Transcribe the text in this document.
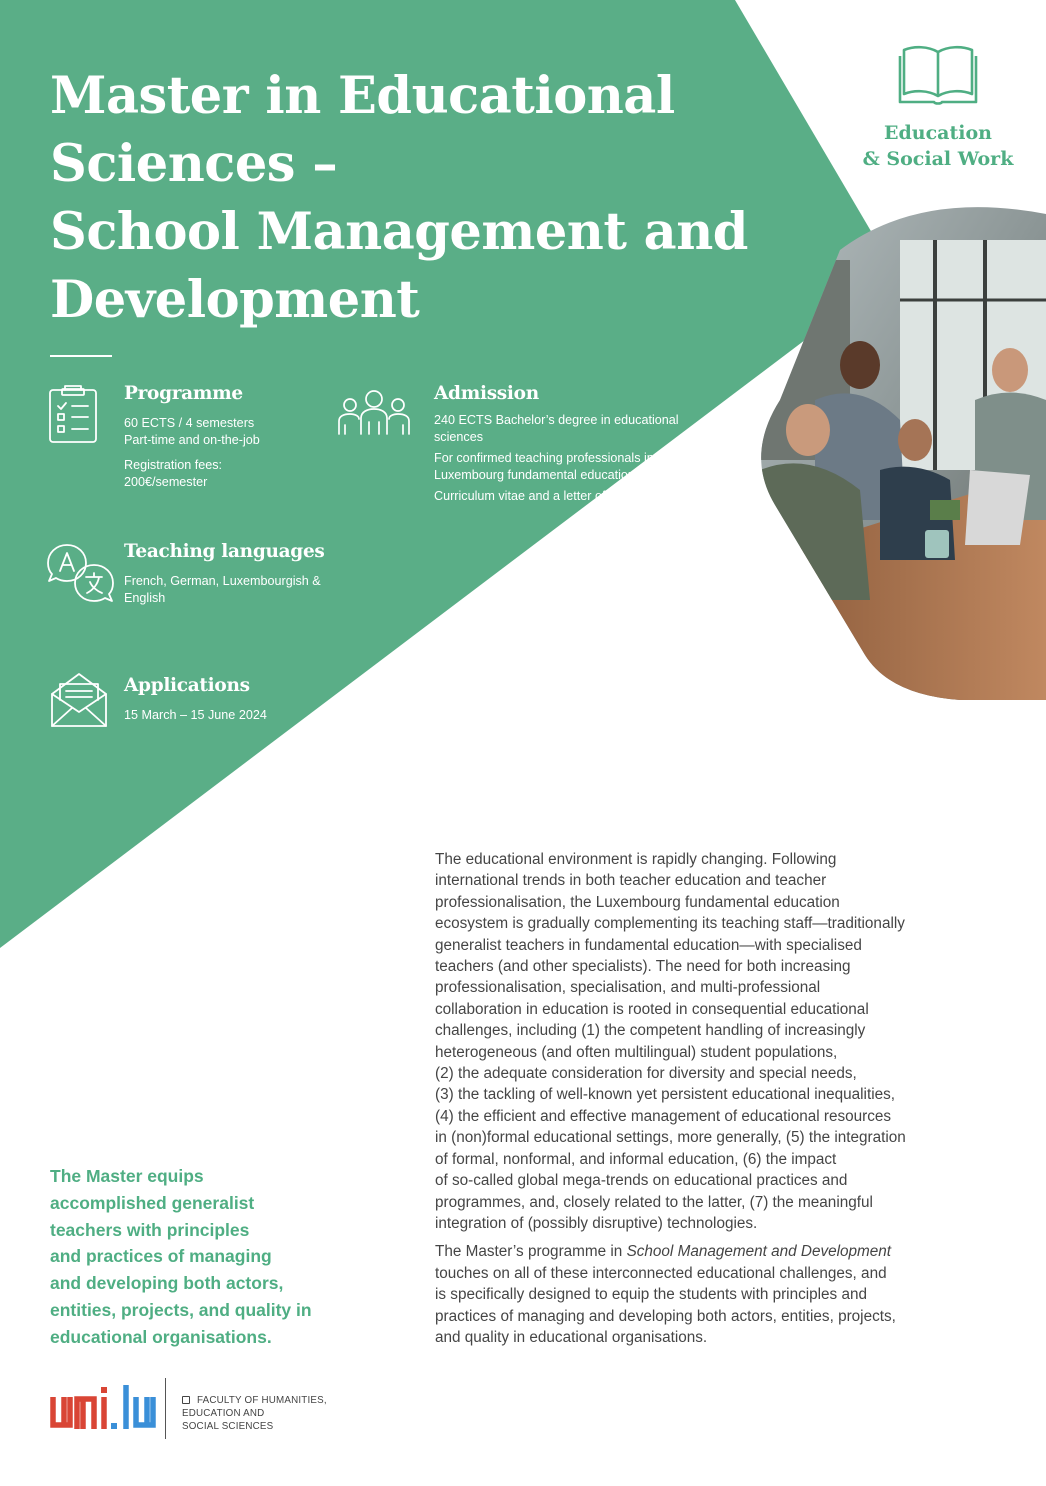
Master in Educational
Sciences –
School Management and
Development
Education
& Social Work
Programme
60 ECTS / 4 semesters
Part-time and on-the-job
Registration fees:
200€/semester
Admission
240 ECTS Bachelor’s degree in educational
sciences
For confirmed teaching professionals in
Luxembourg fundamental education
Curriculum vitae and a letter of motivation
Teaching languages
French, German, Luxembourgish &
English
Applications
15 March – 15 June 2024
The Master equips
accomplished generalist
teachers with principles
and practices of managing
and developing both actors,
entities, projects, and quality in
educational organisations.
The educational environment is rapidly changing. Following
international trends in both teacher education and teacher
professionalisation, the Luxembourg fundamental education
ecosystem is gradually complementing its teaching staff—traditionally
generalist teachers in fundamental education—with specialised
teachers (and other specialists). The need for both increasing
professionalisation, specialisation, and multi-professional
collaboration in education is rooted in consequential educational
challenges, including (1) the competent handling of increasingly
heterogeneous (and often multilingual) student populations,
(2) the adequate consideration for diversity and special needs,
(3) the tackling of well-known yet persistent educational inequalities,
(4) the efficient and effective management of educational resources
in (non)formal educational settings, more generally, (5) the integration
of formal, nonformal, and informal education, (6) the impact
of so-called global mega-trends on educational practices and
programmes, and, closely related to the latter, (7) the meaningful
integration of (possibly disruptive) technologies.
The Master’s programme in School Management and Development
touches on all of these interconnected educational challenges, and
is specifically designed to equip the students with principles and
practices of managing and developing both actors, entities, projects,
and quality in educational organisations.
FACULTY OF HUMANITIES,
EDUCATION AND
SOCIAL SCIENCES
